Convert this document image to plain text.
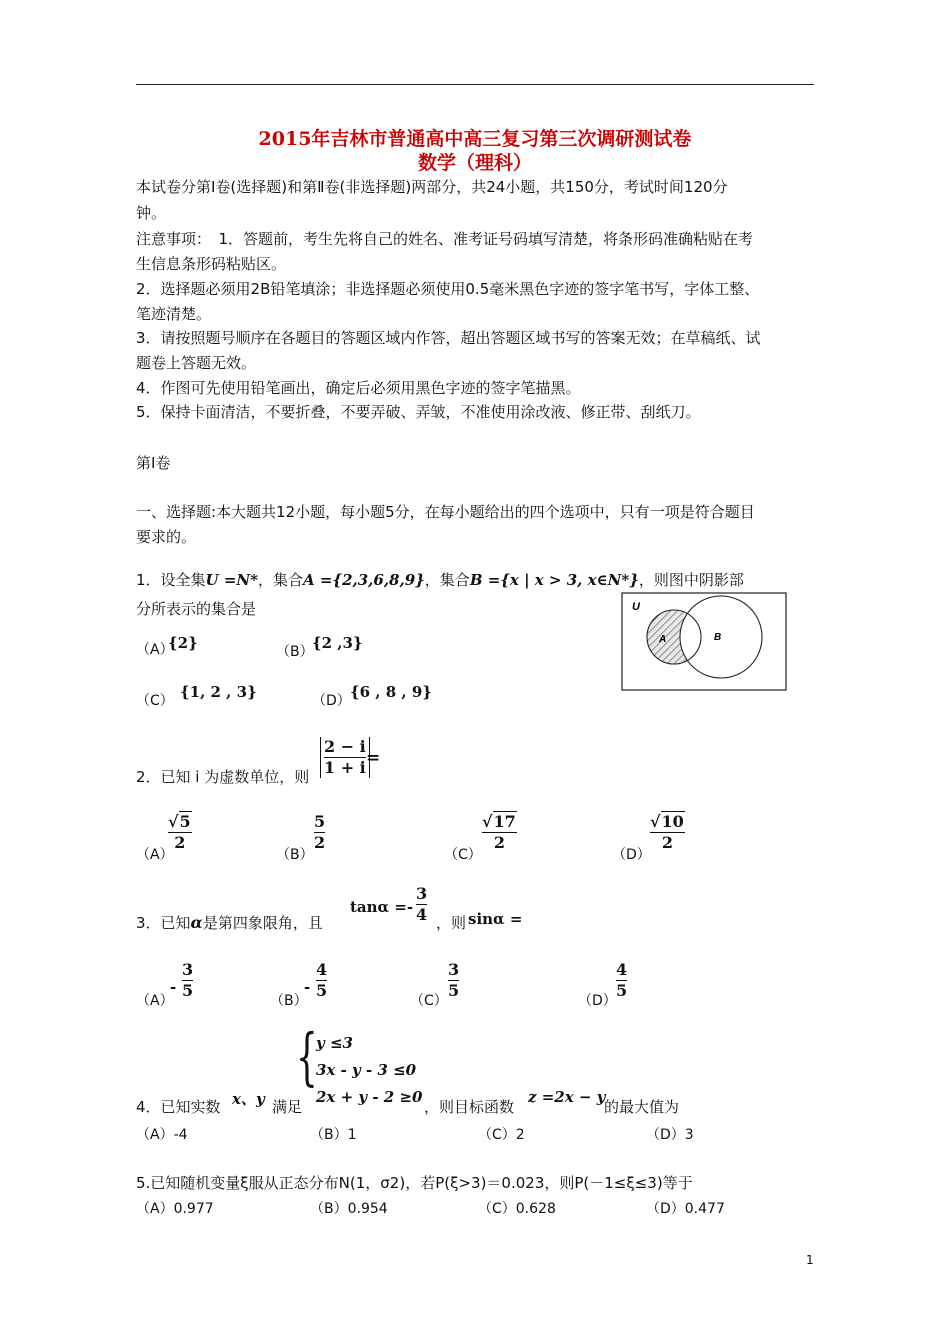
2015年吉林市普通高中高三复习第三次调研测试卷
数学（理科）
本试卷分第Ⅰ卷(选择题)和第Ⅱ卷(非选择题)两部分，共24小题，共150分，考试时间120分
钟。
注意事项：　1．答题前，考生先将自己的姓名、准考证号码填写清楚，将条形码准确粘贴在考
生信息条形码粘贴区。
2．选择题必须用2B铅笔填涂；非选择题必须使用0.5毫米黑色字迹的签字笔书写，字体工整、
笔迹清楚。
3．请按照题号顺序在各题目的答题区域内作答，超出答题区域书写的答案无效；在草稿纸、试
题卷上答题无效。
4．作图可先使用铅笔画出，确定后必须用黑色字迹的签字笔描黑。
5．保持卡面清洁，不要折叠，不要弄破、弄皱，不准使用涂改液、修正带、刮纸刀。
第Ⅰ卷
一、选择题:本大题共12小题，每小题5分，在每小题给出的四个选项中，只有一项是符合题目
要求的。
1．设全集U =N*，集合A ={2,3,6,8,9}，集合B ={x | x > 3, x∈N*}，则图中阴影部
分所表示的集合是
（A）
{2}	（B）
{2 ,3}
（C） {1, 2 , 3}	（D） {6 , 8 , 9}
U
A	B
2．已知 i 为虚数单位，则 $\frac{2 - i}{1 + i}$ =
（A）
$\frac{√5}{2}$
（B）
$\frac{5}{2}$
（C）
$\frac{√17}{2}$
（D）
$\frac{√10}{2}$
3．已知α是第四象限角，且
$\tan\alpha =- \frac{3}{4}$ ，则 sinα =
（A）
- $\frac{3}{5}$	（B）
- $\frac{4}{5}$	$(C) \frac{3}{5}$	$(D) \frac{4}{5}$
{
y ≤3
3x - y - 3 ≤0
2x + y - 2 ≥0
4．已知实数 x、y 满足	，则目标函数
z =2x − y
的最大值为
（A）-4	（B）1	（C）2	（D）3
5.已知随机变量ξ服从正态分布N(1，σ2)，若P(ξ>3)＝0.023，则P(－1≤ξ≤3)等于
（A）0.977	（B）0.954	（C）0.628	（D）0.477
1
